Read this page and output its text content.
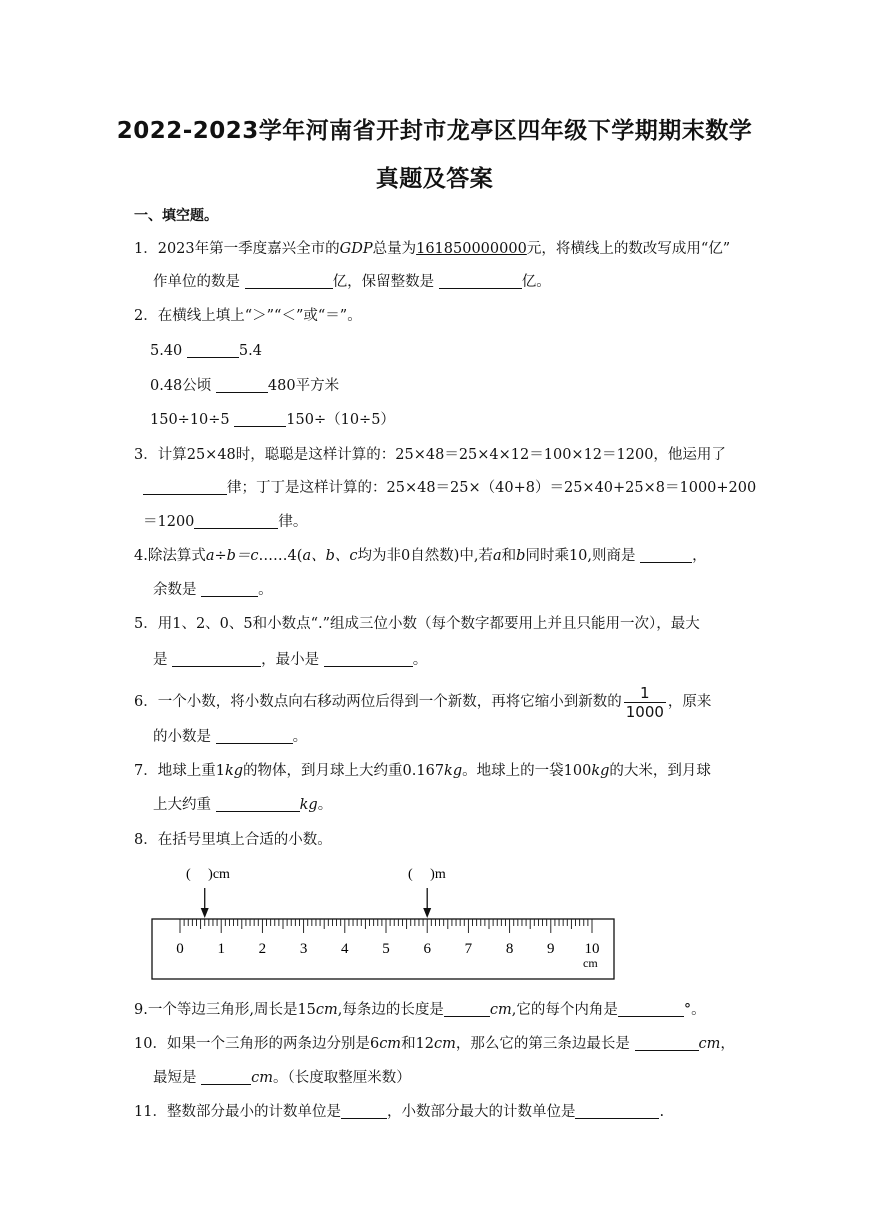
2022-2023学年河南省开封市龙亭区四年级下学期期末数学
真题及答案
一、填空题。
1．2023年第一季度嘉兴全市的GDP总量为161850000000元，将横线上的数改写成用“亿”
作单位的数是	亿，保留整数是	亿。
2．在横线上填上“＞”“＜”或“＝”。
5.40	5.4
0.48公顷	480平方米
150÷10÷5	150÷（10÷5）
3．计算25×48时，聪聪是这样计算的：25×48＝25×4×12＝100×12＝1200，他运用了
律；丁丁是这样计算的：25×48＝25×（40+8）＝25×40+25×8＝1000+200
＝1200	律。
4.除法算式a÷b＝c……4(a、b、c均为非0自然数)中,若a和b同时乘10,则商是	，
余数是	。
5．用1、2、0、5和小数点“.”组成三位小数（每个数字都要用上并且只能用一次），最大
是	，最小是	。
6．一个小数，将小数点向右移动两位后得到一个新数，再将它缩小到新数的 $\frac{1}{1000}$ ，原来
的小数是	。
7．地球上重1kg的物体，到月球上大约重0.167kg。地球上的一袋100kg的大米，到月球
上大约重	kg。
8．在括号里填上合适的小数。
(　 )cm	(　 )m
0 1 2 3 4 5 6 7 8 9 10
cm
9.一个等边三角形,周长是15cm,每条边的长度是	cm,它的每个内角是	°。
10．如果一个三角形的两条边分别是6cm和12cm，那么它的第三条边最长是	cm，
最短是	cm。（长度取整厘米数）
11．整数部分最小的计数单位是	，小数部分最大的计数单位是	.
